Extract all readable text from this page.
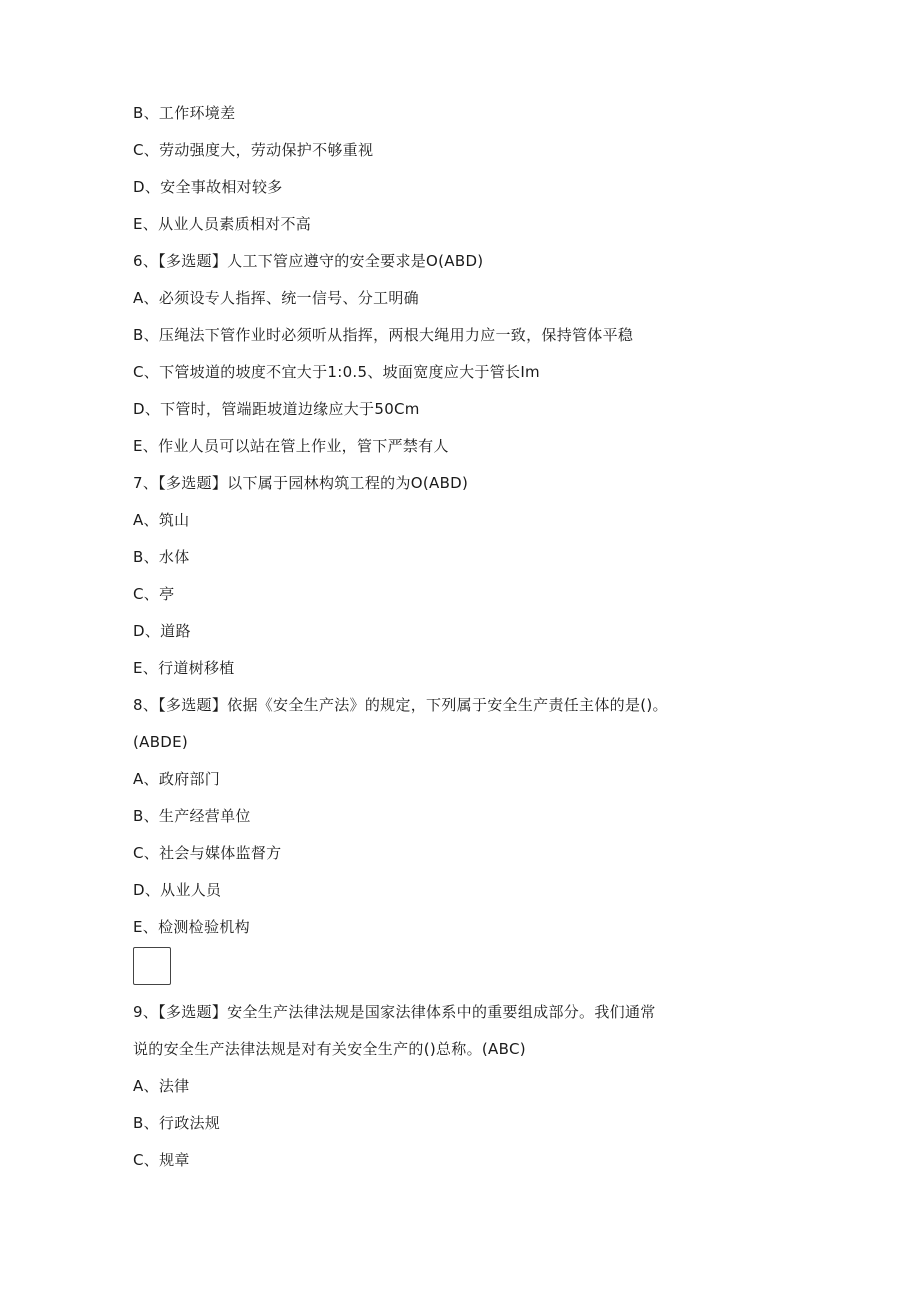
B、工作环境差
C、劳动强度大，劳动保护不够重视
D、安全事故相对较多
E、从业人员素质相对不高
6、【多选题】人工下管应遵守的安全要求是O(ABD)
A、必须设专人指挥、统一信号、分工明确
B、压绳法下管作业时必须听从指挥，两根大绳用力应一致，保持管体平稳
C、下管坡道的坡度不宜大于1:0.5、坡面宽度应大于管长Im
D、下管时，管端距坡道边缘应大于50Cm
E、作业人员可以站在管上作业，管下严禁有人
7、【多选题】以下属于园林构筑工程的为O(ABD)
A、筑山
B、水体
C、亭
D、道路
E、行道树移植
8、【多选题】依据《安全生产法》的规定，下列属于安全生产责任主体的是()。
(ABDE)
A、政府部门
B、生产经营单位
C、社会与媒体监督方
D、从业人员
E、检测检验机构
9、【多选题】安全生产法律法规是国家法律体系中的重要组成部分。我们通常
说的安全生产法律法规是对有关安全生产的()总称。(ABC)
A、法律
B、行政法规
C、规章
